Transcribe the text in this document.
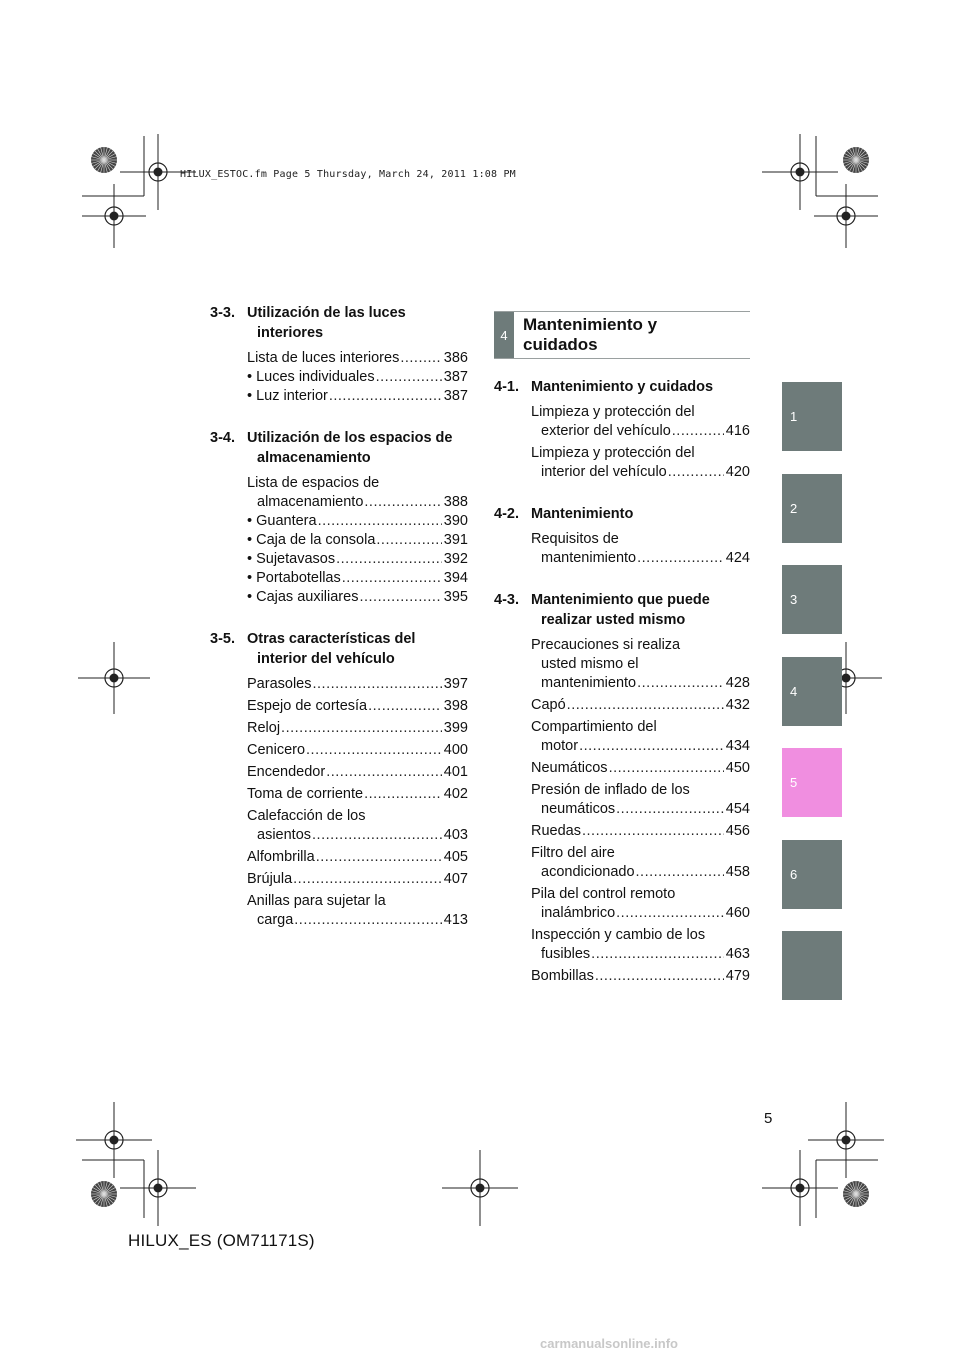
HILUX_ESTOC.fm Page 5 Thursday, March 24, 2011 1:08 PM
3-3. Utilización de las luces
interiores
Lista de luces interiores .....	386
• Luces individuales .....	387
• Luz interior .....	387
3-4. Utilización de los espacios de
almacenamiento
Lista de espacios de
almacenamiento .....	388
• Guantera .....	390
• Caja de la consola .....	391
• Sujetavasos .....	392
• Portabotellas .....	394
• Cajas auxiliares .....	395
3-5. Otras características del
interior del vehículo
Parasoles .....	397
Espejo de cortesía .....	398
Reloj .....	399
Cenicero .....	400
Encendedor .....	401
Toma de corriente .....	402
Calefacción de los
asientos .....	403
Alfombrilla .....	405
Brújula .....	407
Anillas para sujetar la
carga .....	413
4
Mantenimiento y
cuidados
4-1. Mantenimiento y cuidados
Limpieza y protección del
exterior del vehículo .....	416
Limpieza y protección del
interior del vehículo .....	420
4-2. Mantenimiento
Requisitos de
mantenimiento .....	424
4-3. Mantenimiento que puede
realizar usted mismo
Precauciones si realiza
usted mismo el
mantenimiento .....	428
Capó .....	432
Compartimiento del
motor .....	434
Neumáticos .....	450
Presión de inflado de los
neumáticos .....	454
Ruedas .....	456
Filtro del aire
acondicionado .....	458
Pila del control remoto
inalámbrico .....	460
Inspección y cambio de los
fusibles .....	463
Bombillas .....	479
1
2
3
4
5
6
5
HILUX_ES (OM71171S)
carmanualsonline.info
